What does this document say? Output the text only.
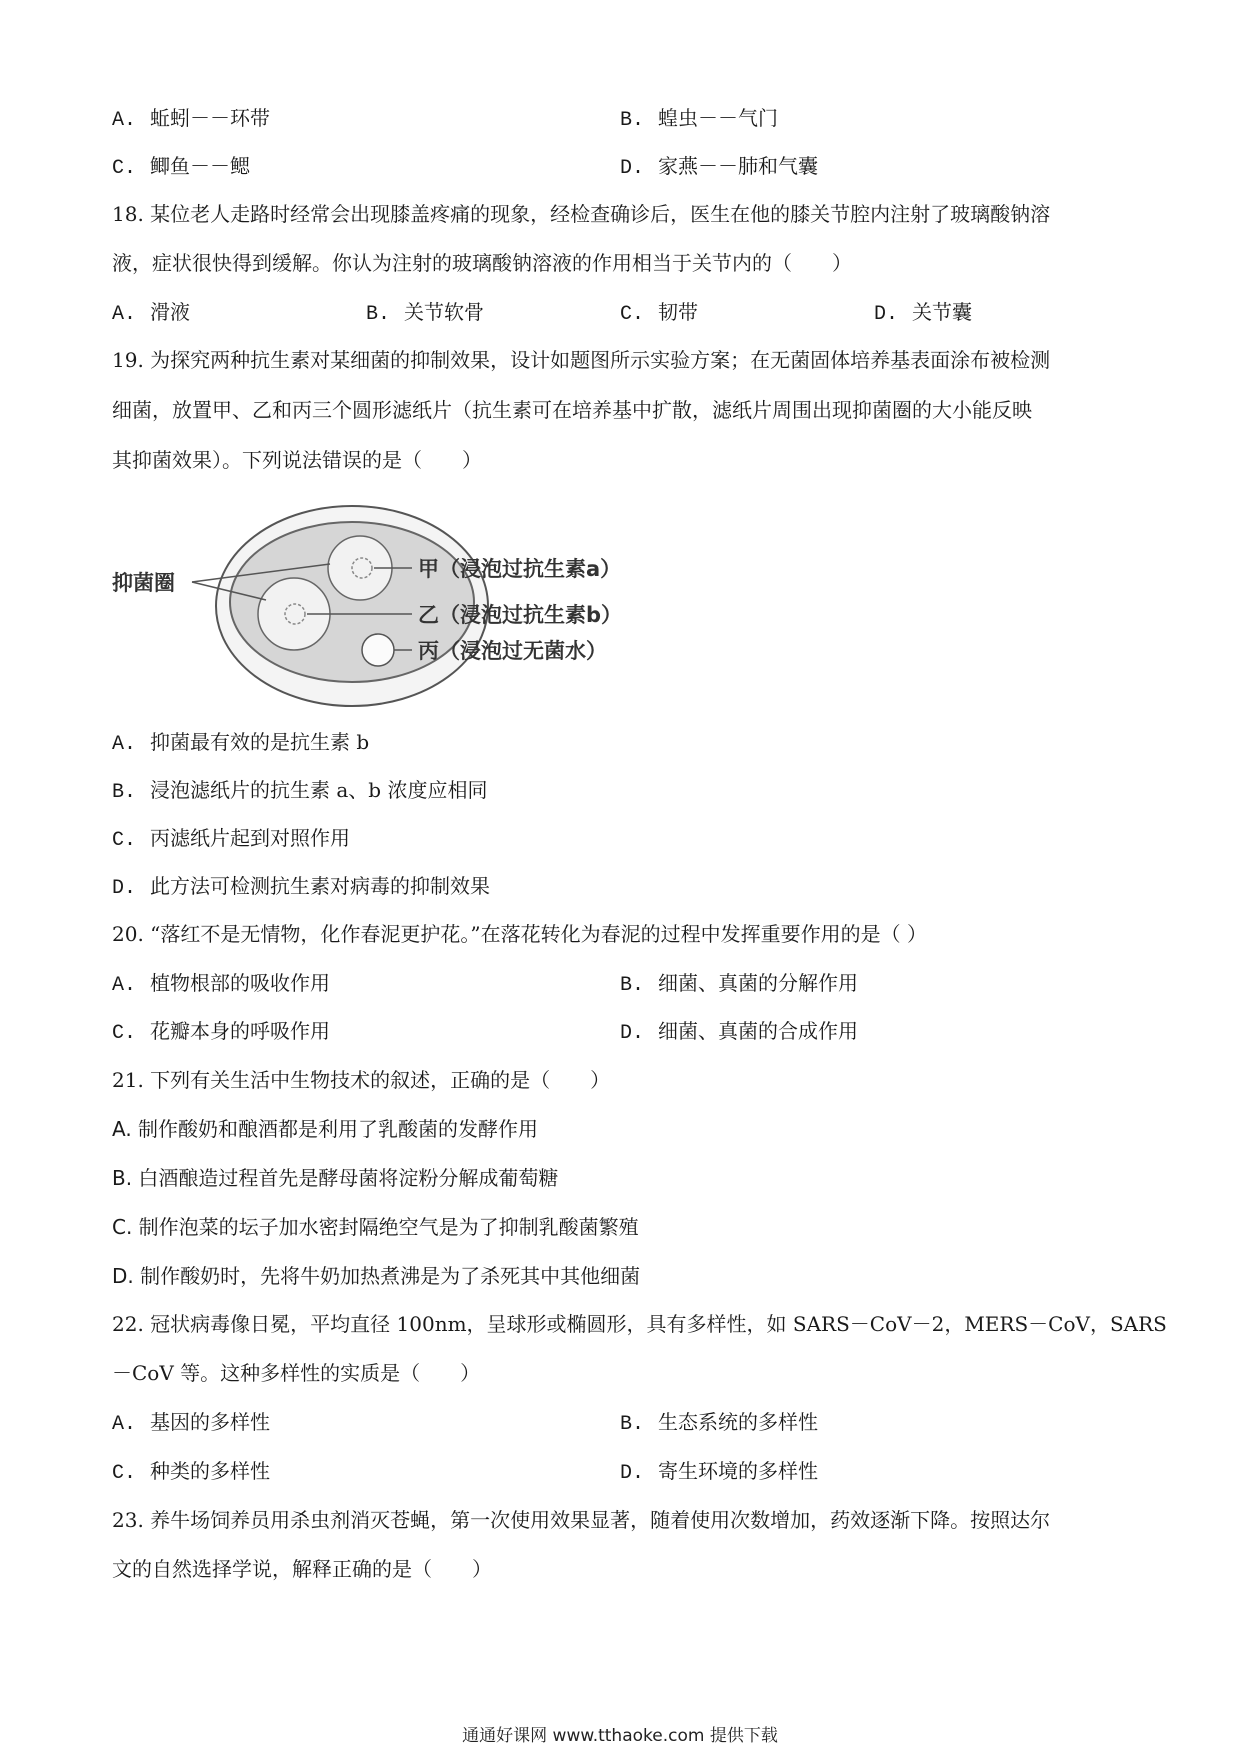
A. 蚯蚓－－环带	B. 蝗虫－－气门
C. 鲫鱼－－鳃	D. 家燕－－肺和气囊
18. 某位老人走路时经常会出现膝盖疼痛的现象，经检查确诊后，医生在他的膝关节腔内注射了玻璃酸钠溶
液，症状很快得到缓解。你认为注射的玻璃酸钠溶液的作用相当于关节内的（　　）
A. 滑液	B. 关节软骨	C. 韧带	D. 关节囊
19. 为探究两种抗生素对某细菌的抑制效果，设计如题图所示实验方案；在无菌固体培养基表面涂布被检测
细菌，放置甲、乙和丙三个圆形滤纸片（抗生素可在培养基中扩散，滤纸片周围出现抑菌圈的大小能反映
其抑菌效果）。下列说法错误的是（　　）
抑菌圈
甲（浸泡过抗生素a）
乙（浸泡过抗生素b）
丙（浸泡过无菌水）
A. 抑菌最有效的是抗生素 b
B. 浸泡滤纸片的抗生素 a、b 浓度应相同
C. 丙滤纸片起到对照作用
D. 此方法可检测抗生素对病毒的抑制效果
20. “落红不是无情物，化作春泥更护花。”在落花转化为春泥的过程中发挥重要作用的是（ ）
A. 植物根部的吸收作用	B. 细菌、真菌的分解作用
C. 花瓣本身的呼吸作用	D. 细菌、真菌的合成作用
21. 下列有关生活中生物技术的叙述，正确的是（　　）
A. 制作酸奶和酿酒都是利用了乳酸菌的发酵作用
B. 白酒酿造过程首先是酵母菌将淀粉分解成葡萄糖
C. 制作泡菜的坛子加水密封隔绝空气是为了抑制乳酸菌繁殖
D. 制作酸奶时，先将牛奶加热煮沸是为了杀死其中其他细菌
22. 冠状病毒像日冕，平均直径 100nm，呈球形或椭圆形，具有多样性，如 SARS－CoV－2，MERS－CoV，SARS
－CoV 等。这种多样性的实质是（　　）
A. 基因的多样性	B. 生态系统的多样性
C. 种类的多样性	D. 寄生环境的多样性
23. 养牛场饲养员用杀虫剂消灭苍蝇，第一次使用效果显著，随着使用次数增加，药效逐渐下降。按照达尔
文的自然选择学说，解释正确的是（　　）
通通好课网 www.tthaoke.com 提供下载
